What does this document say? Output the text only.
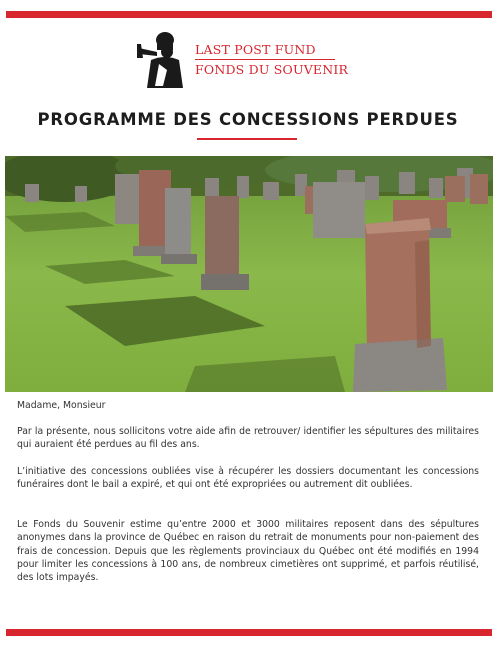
LAST POST FUND
FONDS DU SOUVENIR
PROGRAMME DES CONCESSIONS PERDUES
Madame, Monsieur
Par la présente, nous sollicitons votre aide afin de retrouver/ identifier les sépultures des militaires qui auraient été perdues au fil des ans.
L’initiative des concessions oubliées vise à récupérer les dossiers documentant les concessions funéraires dont le bail a expiré, et qui ont été expropriées ou autrement dit oubliées.
Le Fonds du Souvenir estime qu’entre 2000 et 3000 militaires reposent dans des sépultures anonymes dans la province de Québec en raison du retrait de monuments pour non-paiement des frais de concession. Depuis que les règlements provinciaux du Québec ont été modifiés en 1994 pour limiter les concessions à 100 ans, de nombreux cimetières ont supprimé, et parfois réutilisé, des lots impayés.
